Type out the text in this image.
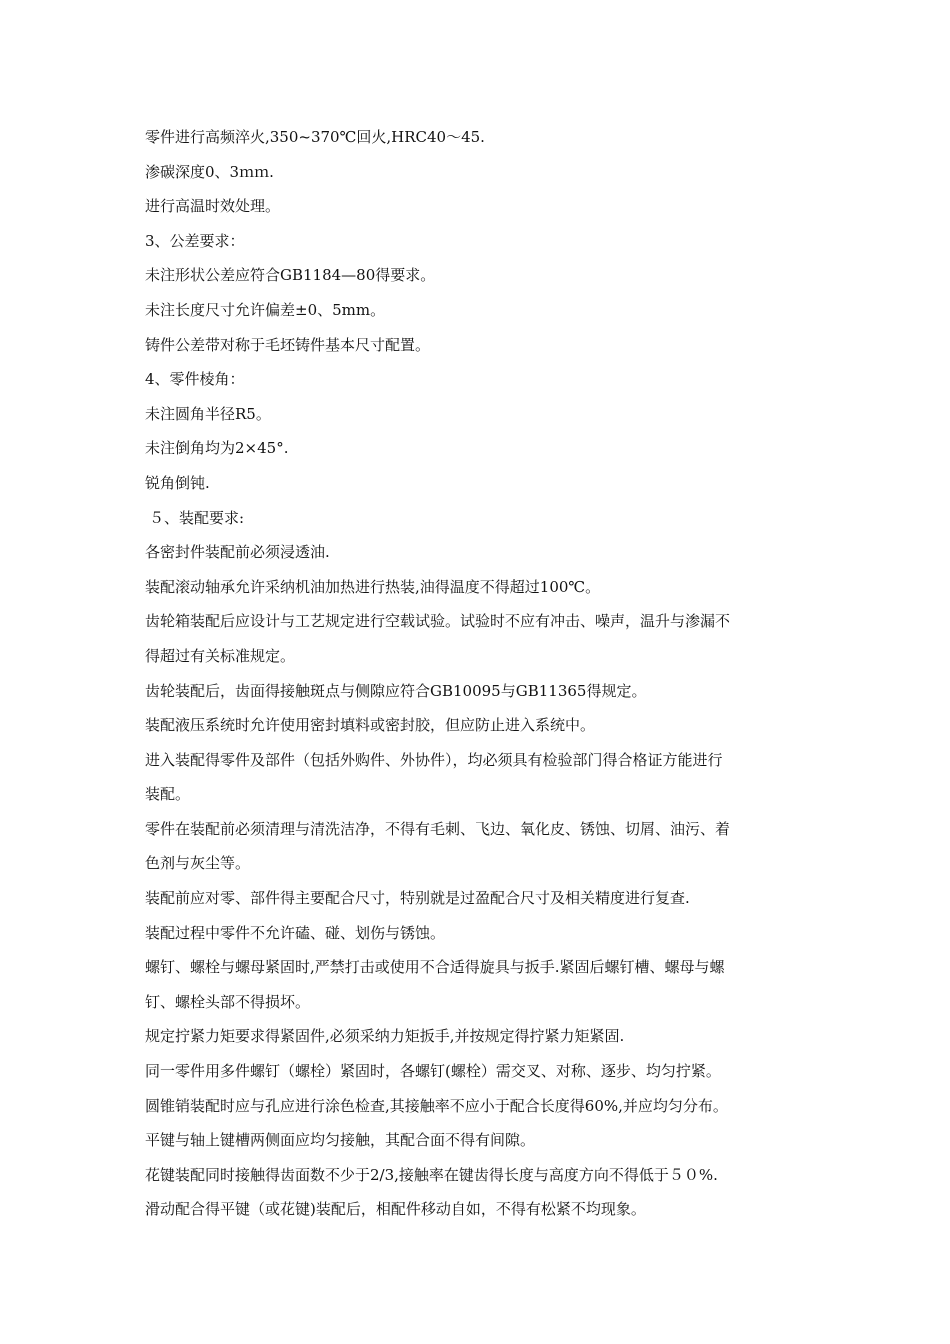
零件进行高频淬火,350~370℃回火,HRC40～45.
渗碳深度0、3ｍｍ.
进行高温时效处理。
3、公差要求：
未注形状公差应符合GB1184—80得要求。
未注长度尺寸允许偏差±0、5mm。
铸件公差带对称于毛坯铸件基本尺寸配置。
4、零件棱角：
未注圆角半径R5。
未注倒角均为2×45°.
锐角倒钝.
５、装配要求:
各密封件装配前必须浸透油.
装配滚动轴承允许采纳机油加热进行热装,油得温度不得超过100℃。
齿轮箱装配后应设计与工艺规定进行空载试验。试验时不应有冲击、噪声，温升与渗漏不
得超过有关标准规定。
齿轮装配后，齿面得接触斑点与侧隙应符合GB10095与GB11365得规定。
装配液压系统时允许使用密封填料或密封胶，但应防止进入系统中。
进入装配得零件及部件（包括外购件、外协件），均必须具有检验部门得合格证方能进行
装配。
零件在装配前必须清理与清洗洁净，不得有毛刺、飞边、氧化皮、锈蚀、切屑、油污、着
色剂与灰尘等。
装配前应对零、部件得主要配合尺寸，特别就是过盈配合尺寸及相关精度进行复查.
装配过程中零件不允许磕、碰、划伤与锈蚀。
螺钉、螺栓与螺母紧固时,严禁打击或使用不合适得旋具与扳手.紧固后螺钉槽、螺母与螺
钉、螺栓头部不得损坏。
规定拧紧力矩要求得紧固件,必须采纳力矩扳手,并按规定得拧紧力矩紧固.
同一零件用多件螺钉（螺栓）紧固时，各螺钉(螺栓）需交叉、对称、逐步、均匀拧紧。
圆锥销装配时应与孔应进行涂色检查,其接触率不应小于配合长度得60%,并应均匀分布。
平键与轴上键槽两侧面应均匀接触，其配合面不得有间隙。
花键装配同时接触得齿面数不少于2/3,接触率在键齿得长度与高度方向不得低于５０%.
滑动配合得平键（或花键)装配后，相配件移动自如，不得有松紧不均现象。
